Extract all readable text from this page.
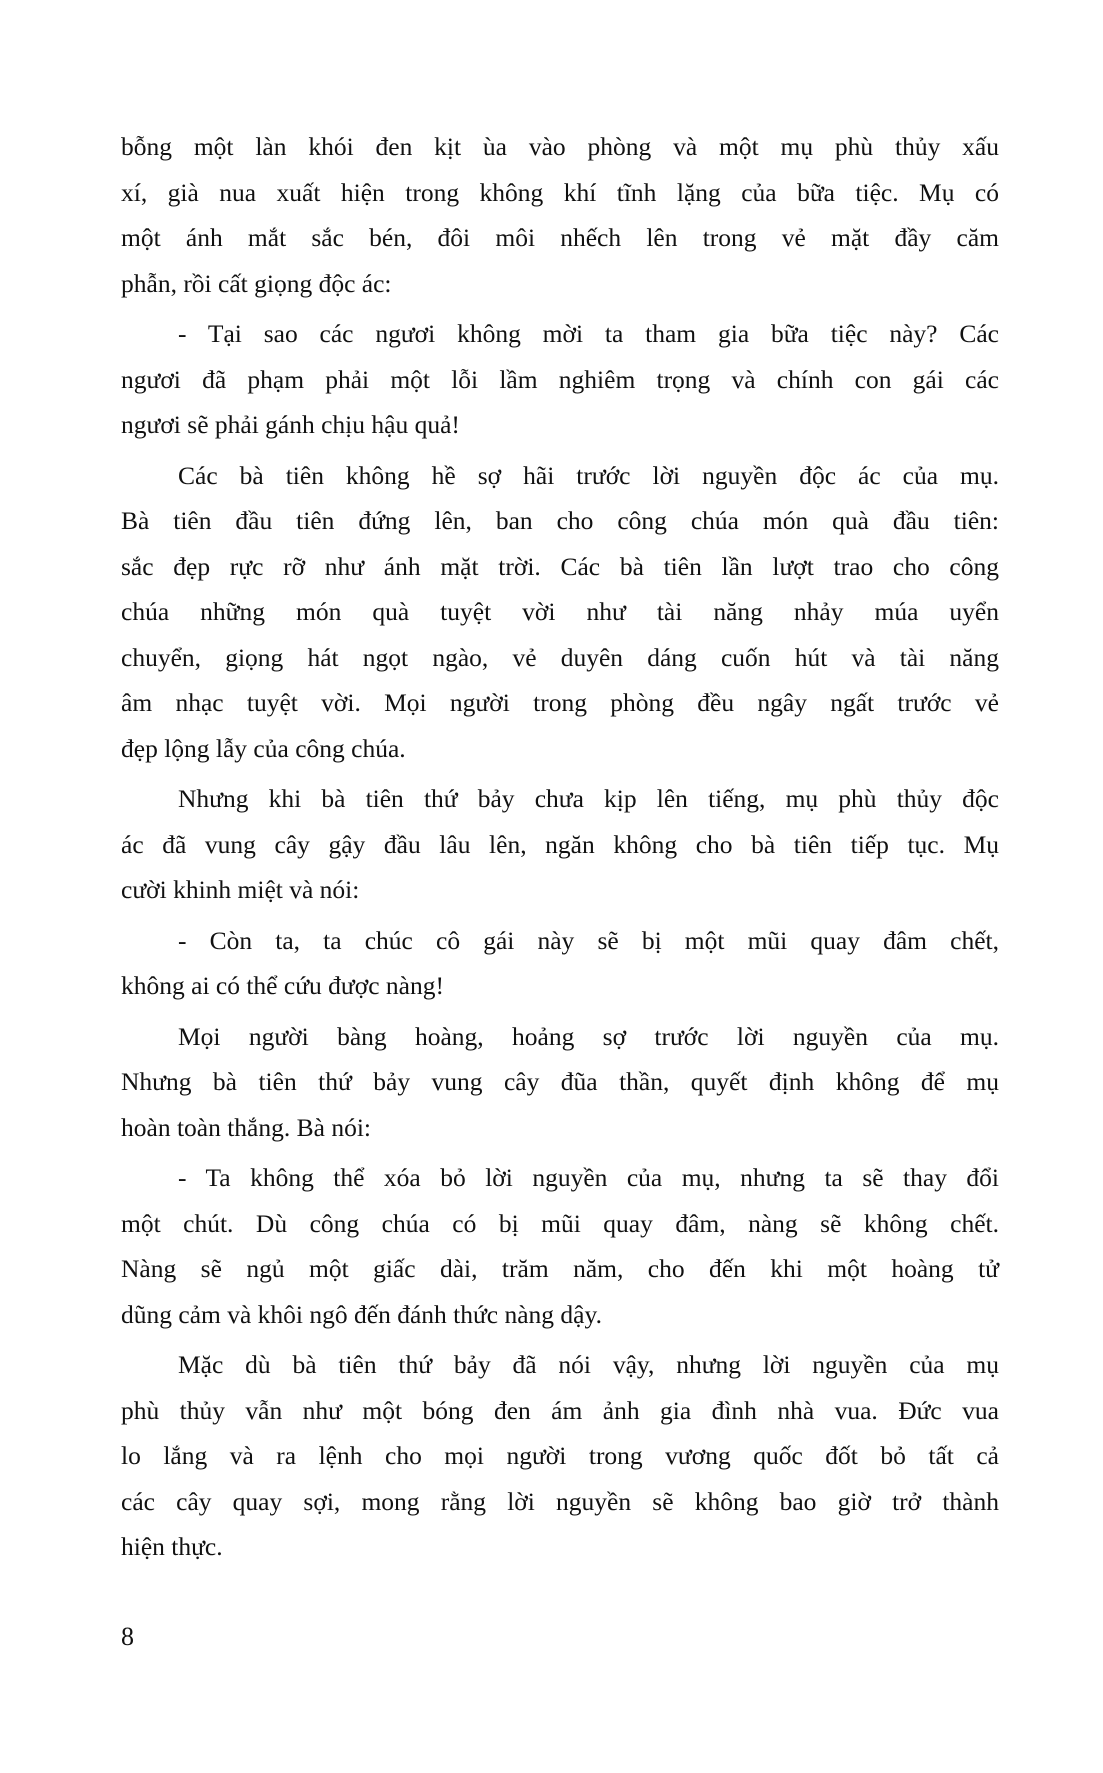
bỗng một làn khói đen kịt ùa vào phòng và một mụ phù thủy xấu
xí, già nua xuất hiện trong không khí tĩnh lặng của bữa tiệc. Mụ có
một ánh mắt sắc bén, đôi môi nhếch lên trong vẻ mặt đầy căm
phẫn, rồi cất giọng độc ác:
- Tại sao các ngươi không mời ta tham gia bữa tiệc này? Các
ngươi đã phạm phải một lỗi lầm nghiêm trọng và chính con gái các
ngươi sẽ phải gánh chịu hậu quả!
Các bà tiên không hề sợ hãi trước lời nguyền độc ác của mụ.
Bà tiên đầu tiên đứng lên, ban cho công chúa món quà đầu tiên:
sắc đẹp rực rỡ như ánh mặt trời. Các bà tiên lần lượt trao cho công
chúa những món quà tuyệt vời như tài năng nhảy múa uyển
chuyển, giọng hát ngọt ngào, vẻ duyên dáng cuốn hút và tài năng
âm nhạc tuyệt vời. Mọi người trong phòng đều ngây ngất trước vẻ
đẹp lộng lẫy của công chúa.
Nhưng khi bà tiên thứ bảy chưa kịp lên tiếng, mụ phù thủy độc
ác đã vung cây gậy đầu lâu lên, ngăn không cho bà tiên tiếp tục. Mụ
cười khinh miệt và nói:
- Còn ta, ta chúc cô gái này sẽ bị một mũi quay đâm chết,
không ai có thể cứu được nàng!
Mọi người bàng hoàng, hoảng sợ trước lời nguyền của mụ.
Nhưng bà tiên thứ bảy vung cây đũa thần, quyết định không để mụ
hoàn toàn thắng. Bà nói:
- Ta không thể xóa bỏ lời nguyền của mụ, nhưng ta sẽ thay đổi
một chút. Dù công chúa có bị mũi quay đâm, nàng sẽ không chết.
Nàng sẽ ngủ một giấc dài, trăm năm, cho đến khi một hoàng tử
dũng cảm và khôi ngô đến đánh thức nàng dậy.
Mặc dù bà tiên thứ bảy đã nói vậy, nhưng lời nguyền của mụ
phù thủy vẫn như một bóng đen ám ảnh gia đình nhà vua. Đức vua
lo lắng và ra lệnh cho mọi người trong vương quốc đốt bỏ tất cả
các cây quay sợi, mong rằng lời nguyền sẽ không bao giờ trở thành
hiện thực.
8
